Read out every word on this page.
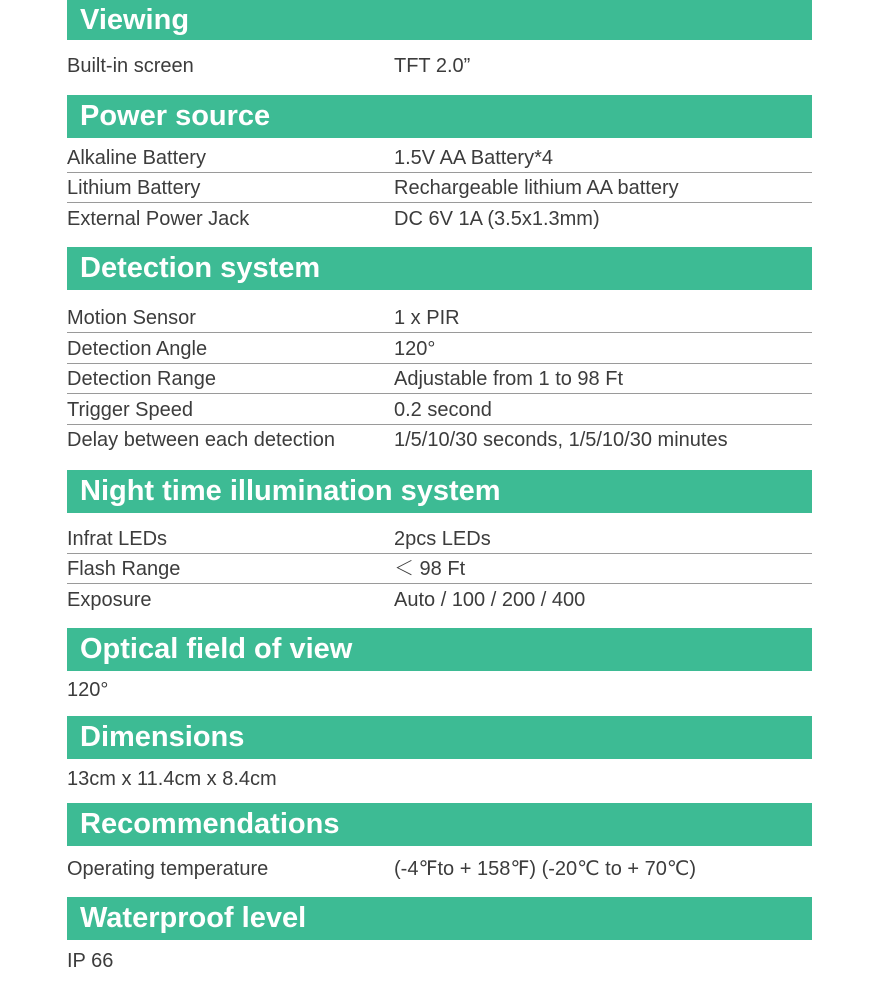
Viewing
Built-in screen	TFT 2.0”
Power source
Alkaline Battery	1.5V AA Battery*4
Lithium Battery	Rechargeable lithium AA battery
External Power Jack	DC 6V 1A (3.5x1.3mm)
Detection system
Motion Sensor	1 x PIR
Detection Angle	120°
Detection Range	Adjustable from 1 to 98 Ft
Trigger Speed	0.2 second
Delay between each detection	1/5/10/30 seconds, 1/5/10/30 minutes
Night time illumination system
Infrat LEDs	2pcs LEDs
Flash Range	＜ 98 Ft
Exposure	Auto / 100 / 200 / 400
Optical field of view
120°
Dimensions
13cm x 11.4cm x 8.4cm
Recommendations
Operating temperature	(-4℉to + 158℉) (-20℃ to + 70℃)
Waterproof level
IP 66
